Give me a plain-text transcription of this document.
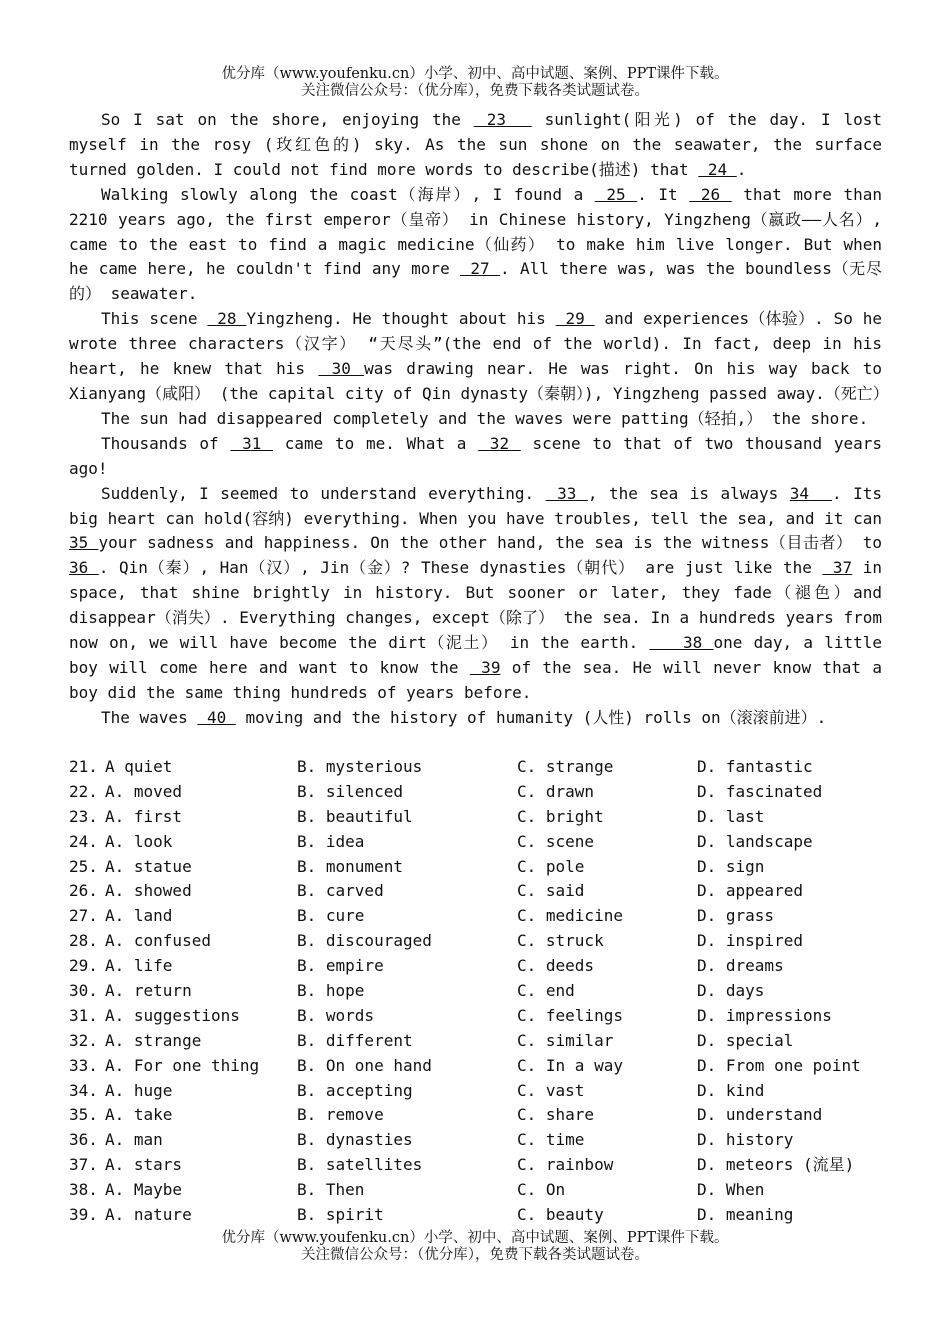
优分库（www.youfenku.cn）小学、初中、高中试题、案例、PPT课件下载。
关注微信公众号：（优分库），免费下载各类试题试卷。

So I sat on the shore, enjoying the  23   sunlight(阳光) of the day. I lost myself in the rosy (玫红色的) sky. As the sun shone on the seawater, the surface turned golden. I could not find more words to describe(描述) that  24 .

Walking slowly along the coast（海岸）, I found a  25 . It  26  that more than 2210 years ago, the first emperor（皇帝） in Chinese history, Yingzheng（嬴政——人名）, came to the east to find a magic medicine（仙药） to make him live longer. But when he came here, he couldn't find any more  27 . All there was, was the boundless（无尽的） seawater.

This scene  28 Yingzheng. He thought about his  29  and experiences（体验）. So he wrote three characters（汉字） “天尽头”(the end of the world). In fact, deep in his heart, he knew that his  30 was drawing near. He was right. On his way back to Xianyang（咸阳） (the capital city of Qin dynasty（秦朝）), Yingzheng passed away.（死亡）

The sun had disappeared completely and the waves were patting（轻拍,） the shore.

Thousands of  31  came to me. What a  32  scene to that of two thousand years ago!

Suddenly, I seemed to understand everything.  33 , the sea is always 34  . Its big heart can hold(容纳) everything. When you have troubles, tell the sea, and it can 35 your sadness and happiness. On the other hand, the sea is the witness（目击者） to 36 . Qin（秦）, Han（汉）, Jin（金）? These dynasties（朝代） are just like the  37 in space, that shine brightly in history. But sooner or later, they fade（褪色）and disappear（消失）. Everything changes, except（除了） the sea. In a hundreds years from now on, we will have become the dirt（泥土） in the earth.    38 one day, a little boy will come here and want to know the  39 of the sea. He will never know that a boy did the same thing hundreds of years before.

The waves  40  moving and the history of humanity (人性) rolls on（滚滚前进）.

21. A quiet	B. mysterious	C. strange	D. fantastic
22. A. moved	B. silenced	C. drawn	D. fascinated
23. A. first	B. beautiful	C. bright	D. last
24. A. look	B. idea	C. scene	D. landscape
25. A. statue	B. monument	C. pole	D. sign
26. A. showed	B. carved	C. said	D. appeared
27. A. land	B. cure	C. medicine	D. grass
28. A. confused	B. discouraged	C. struck	D. inspired
29. A. life	B. empire	C. deeds	D. dreams
30. A. return	B. hope	C. end	D. days
31. A. suggestions	B. words	C. feelings	D. impressions
32. A. strange	B. different	C. similar	D. special
33. A. For one thing B. On one hand	C. In a way	D. From one point
34. A. huge	B. accepting	C. vast	D. kind
35. A. take	B. remove	C. share	D. understand
36. A. man	B. dynasties	C. time	D. history
37. A. stars	B. satellites	C. rainbow	D. meteors (流星)
38. A. Maybe	B. Then	C. On	D. When
39. A. nature	B. spirit	C. beauty	D. meaning
优分库（www.youfenku.cn）小学、初中、高中试题、案例、PPT课件下载。
关注微信公众号：（优分库），免费下载各类试题试卷。
